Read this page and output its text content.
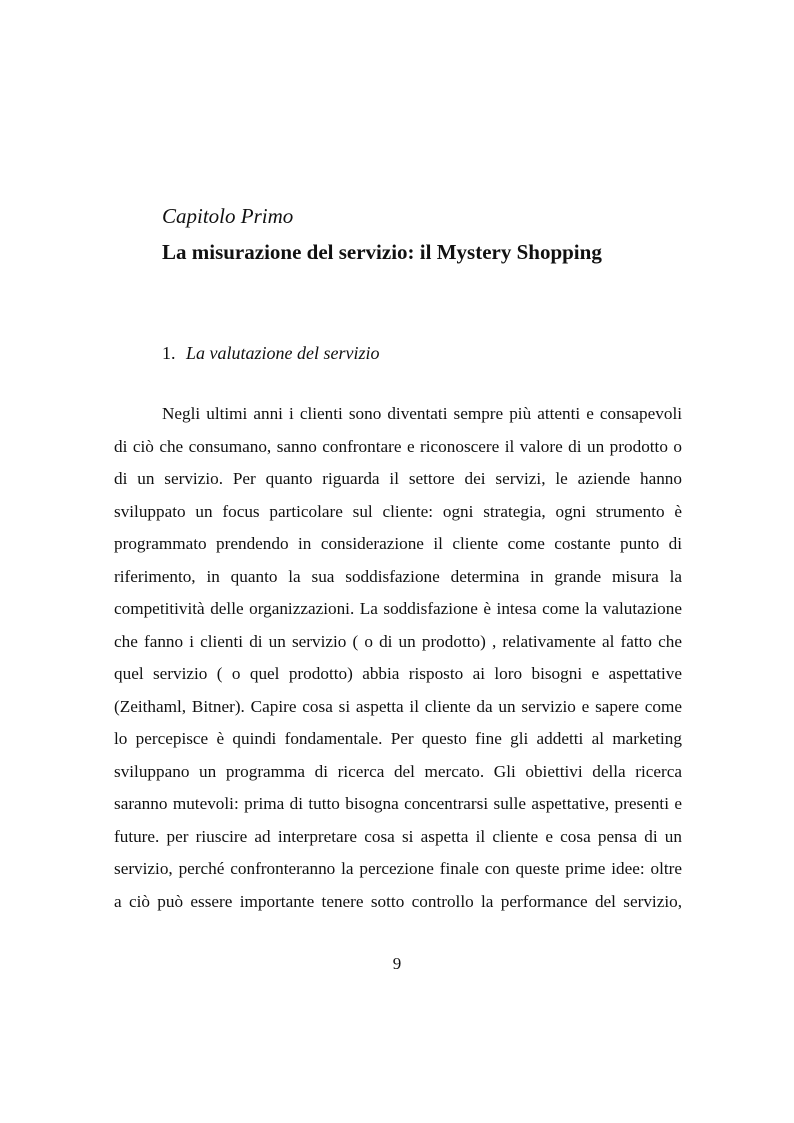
Capitolo Primo
La misurazione del servizio: il Mystery Shopping
1. La valutazione del servizio
Negli ultimi anni i clienti sono diventati sempre più attenti e consapevoli
di ciò che consumano, sanno confrontare e riconoscere il valore di un prodotto o
di un servizio. Per quanto riguarda il settore dei servizi, le aziende hanno
sviluppato un focus particolare sul cliente: ogni strategia, ogni strumento è
programmato prendendo in considerazione il cliente come costante punto di
riferimento, in quanto la sua soddisfazione determina in grande misura la
competitività delle organizzazioni. La soddisfazione è intesa come la valutazione
che fanno i clienti di un servizio ( o di un prodotto) , relativamente al fatto che
quel servizio ( o quel prodotto) abbia risposto ai loro bisogni e aspettative
(Zeithaml, Bitner). Capire cosa si aspetta il cliente da un servizio e sapere come
lo percepisce è quindi fondamentale. Per questo fine gli addetti al marketing
sviluppano un programma di ricerca del mercato. Gli obiettivi della ricerca
saranno mutevoli: prima di tutto bisogna concentrarsi sulle aspettative, presenti e
future. per riuscire ad interpretare cosa si aspetta il cliente e cosa pensa di un
servizio, perché confronteranno la percezione finale con queste prime idee: oltre
a ciò può essere importante tenere sotto controllo la performance del servizio,
9
